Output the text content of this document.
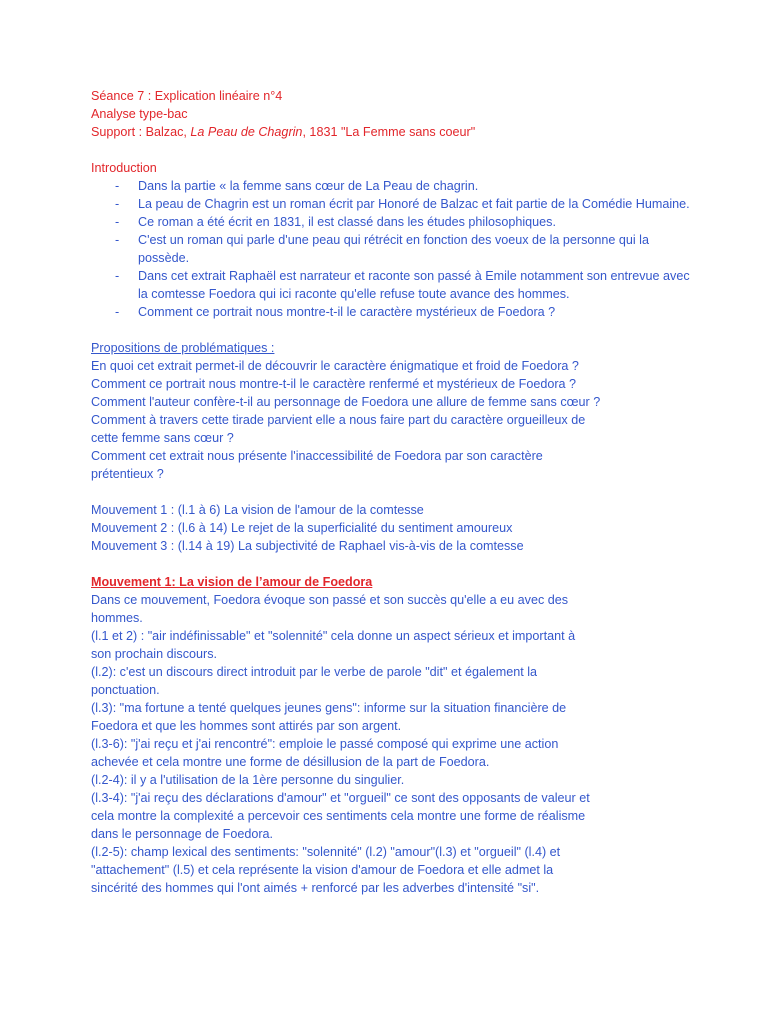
Séance 7 : Explication linéaire n°4
Analyse type-bac
Support : Balzac, La Peau de Chagrin, 1831 "La Femme sans coeur"
Introduction
- Dans la partie « la femme sans cœur de La Peau de chagrin.
- La peau de Chagrin est un roman écrit par Honoré de Balzac et fait partie de la Comédie Humaine.
- Ce roman a été écrit en 1831, il est classé dans les études philosophiques.
- C'est un roman qui parle d'une peau qui rétrécit en fonction des voeux de la personne qui la possède.
- Dans cet extrait Raphaël est narrateur et raconte son passé à Emile notamment son entrevue avec la comtesse Foedora qui ici raconte qu'elle refuse toute avance des hommes.
- Comment ce portrait nous montre-t-il le caractère mystérieux de Foedora ?
Propositions de problématiques :
En quoi cet extrait permet-il de découvrir le caractère énigmatique et froid de Foedora ?
Comment ce portrait nous montre-t-il le caractère renfermé et mystérieux de Foedora ?
Comment l'auteur confère-t-il au personnage de Foedora une allure de femme sans cœur ?
Comment à travers cette tirade parvient elle a nous faire part du caractère orgueilleux de
cette femme sans cœur ?
Comment cet extrait nous présente l'inaccessibilité de Foedora par son caractère
prétentieux ?
Mouvement 1 : (l.1 à 6) La vision de l'amour de la comtesse
Mouvement 2 : (l.6 à 14) Le rejet de la superficialité du sentiment amoureux
Mouvement 3 : (l.14 à 19) La subjectivité de Raphael vis-à-vis de la comtesse
Mouvement 1: La vision de l’amour de Foedora
Dans ce mouvement, Foedora évoque son passé et son succès qu'elle a eu avec des
hommes.
(l.1 et 2) : "air indéfinissable" et "solennité" cela donne un aspect sérieux et important à
son prochain discours.
(l.2): c'est un discours direct introduit par le verbe de parole "dit" et également la
ponctuation.
(l.3): "ma fortune a tenté quelques jeunes gens": informe sur la situation financière de
Foedora et que les hommes sont attirés par son argent.
(l.3-6): "j'ai reçu et j'ai rencontré": emploie le passé composé qui exprime une action
achevée et cela montre une forme de désillusion de la part de Foedora.
(l.2-4): il y a l'utilisation de la 1ère personne du singulier.
(l.3-4): "j'ai reçu des déclarations d'amour" et "orgueil" ce sont des opposants de valeur et
cela montre la complexité a percevoir ces sentiments cela montre une forme de réalisme
dans le personnage de Foedora.
(l.2-5): champ lexical des sentiments: "solennité" (l.2) "amour"(l.3) et "orgueil" (l.4) et
"attachement" (l.5) et cela représente la vision d'amour de Foedora et elle admet la
sincérité des hommes qui l'ont aimés + renforcé par les adverbes d'intensité "si".
